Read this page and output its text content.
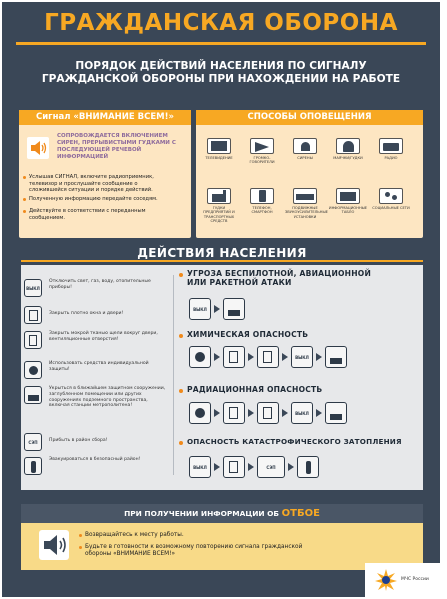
ГРАЖДАНСКАЯ ОБОРОНА
ПОРЯДОК ДЕЙСТВИЙ НАСЕЛЕНИЯ ПО СИГНАЛУ
ГРАЖДАНСКОЙ ОБОРОНЫ ПРИ НАХОЖДЕНИИ НА РАБОТЕ
Сигнал «ВНИМАНИЕ ВСЕМ!»
СОПРОВОЖДАЕТСЯ ВКЛЮЧЕНИЕМ СИРЕН, ПРЕРЫВИСТЫМИ ГУДКАМИ С ПОСЛЕДУЮЩЕЙ РЕЧЕВОЙ ИНФОРМАЦИЕЙ
Услышав СИГНАЛ, включите радиоприемник, телевизор и прослушайте сообщение о сложившейся ситуации и порядке действий.
Полученную информацию передайте соседям.
Действуйте в соответствии с переданным сообщением.
СПОСОБЫ ОПОВЕЩЕНИЯ
ТЕЛЕВИДЕНИЕ	ГРОМКО-ГОВОРИТЕЛИ
СИРЕНЫ	МАЯЧКИ/ГУДКИ	РАДИО
ГУДКИ ПРЕДПРИЯТИЙ И ТРАНСПОРТНЫХ СРЕДСТВ
ТЕЛЕФОН, СМАРТФОН
ПОДВИЖНЫЕ ЗВУКОУСИЛИТЕЛЬНЫЕ УСТАНОВКИ
ИНФОРМАЦИОННЫЕ ТАБЛО
СОЦИАЛЬНЫЕ СЕТИ
ДЕЙСТВИЯ НАСЕЛЕНИЯ
ВЫКЛ
Отключить свет, газ, воду, отопительные приборы!
Закрыть плотно окна и двери!
Закрыть мокрой тканью щели вокруг двери, вентиляционные отверстия!
Использовать средства индивидуальной защиты!
Укрыться в ближайшем защитном сооружении, заглубленном помещении или других сооружениях подземного пространства, включая станции метрополитена!
СЭП	Прибыть в район сбора!
Эвакуироваться в безопасный район!
УГРОЗА БЕСПИЛОТНОЙ, АВИАЦИОННОЙ
ИЛИ РАКЕТНОЙ АТАКИ
ВЫКЛ
ХИМИЧЕСКАЯ ОПАСНОСТЬ
ВЫКЛ
РАДИАЦИОННАЯ ОПАСНОСТЬ
ВЫКЛ
ОПАСНОСТЬ КАТАСТРОФИЧЕСКОГО ЗАТОПЛЕНИЯ
ВЫКЛ	СЭП
ПРИ ПОЛУЧЕНИИ ИНФОРМАЦИИ ОБ ОТБОЕ
Возвращайтесь к месту работы.
Будьте в готовности к возможному повторению сигнала гражданской обороны «ВНИМАНИЕ ВСЕМ!»
МЧС России
